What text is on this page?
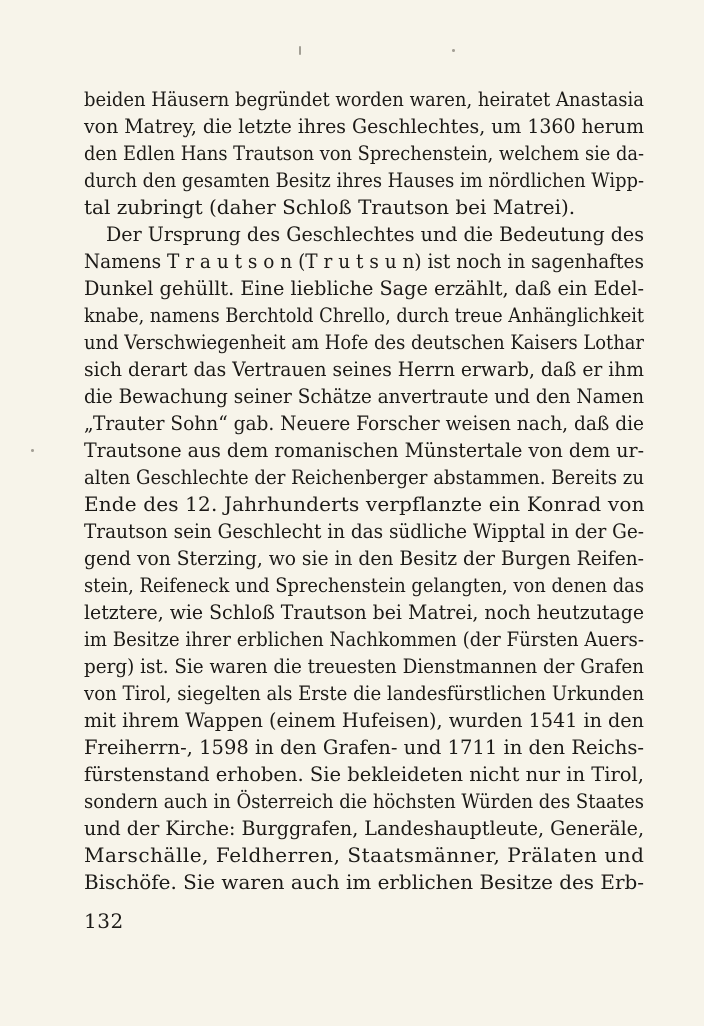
beiden Häusern begründet worden waren, heiratet Anastasia
von Matrey, die letzte ihres Geschlechtes, um 1360 herum
den Edlen Hans Trautson von Sprechenstein, welchem sie da-
durch den gesamten Besitz ihres Hauses im nördlichen Wipp-
tal zubringt (daher Schloß Trautson bei Matrei).
Der Ursprung des Geschlechtes und die Bedeutung des
Namens T r a u t s o n (T r u t s u n) ist noch in sagenhaftes
Dunkel gehüllt. Eine liebliche Sage erzählt, daß ein Edel-
knabe, namens Berchtold Chrello, durch treue Anhänglichkeit
und Verschwiegenheit am Hofe des deutschen Kaisers Lothar
sich derart das Vertrauen seines Herrn erwarb, daß er ihm
die Bewachung seiner Schätze anvertraute und den Namen
„Trauter Sohn“ gab. Neuere Forscher weisen nach, daß die
Trautsone aus dem romanischen Münstertale von dem ur-
alten Geschlechte der Reichenberger abstammen. Bereits zu
Ende des 12. Jahrhunderts verpflanzte ein Konrad von
Trautson sein Geschlecht in das südliche Wipptal in der Ge-
gend von Sterzing, wo sie in den Besitz der Burgen Reifen-
stein, Reifeneck und Sprechenstein gelangten, von denen das
letztere, wie Schloß Trautson bei Matrei, noch heutzutage
im Besitze ihrer erblichen Nachkommen (der Fürsten Auers-
perg) ist. Sie waren die treuesten Dienstmannen der Grafen
von Tirol, siegelten als Erste die landesfürstlichen Urkunden
mit ihrem Wappen (einem Hufeisen), wurden 1541 in den
Freiherrn-, 1598 in den Grafen- und 1711 in den Reichs-
fürstenstand erhoben. Sie bekleideten nicht nur in Tirol,
sondern auch in Österreich die höchsten Würden des Staates
und der Kirche: Burggrafen, Landeshauptleute, Generäle,
Marschälle, Feldherren, Staatsmänner, Prälaten und
Bischöfe. Sie waren auch im erblichen Besitze des Erb-
132
